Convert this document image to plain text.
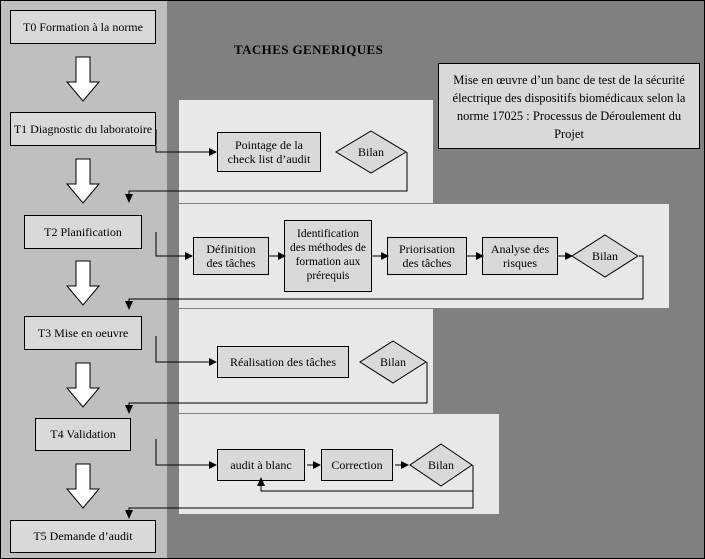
TACHES GENERIQUES
Mise en œuvre d’un banc de test de la sécurité électrique des dispositifs biomédicaux selon la norme 17025 : Processus de Déroulement du Projet
T0 Formation à la norme
T1 Diagnostic du laboratoire
T2 Planification
T3 Mise en oeuvre
T4 Validation
T5 Demande d’audit
Pointage de la check list d’audit
Bilan
Définition des tâches
Identification des méthodes de formation aux prérequis
Priorisation des tâches
Analyse des risques
Bilan
Réalisation des tâches	Bilan
audit à blanc	Correction	Bilan
